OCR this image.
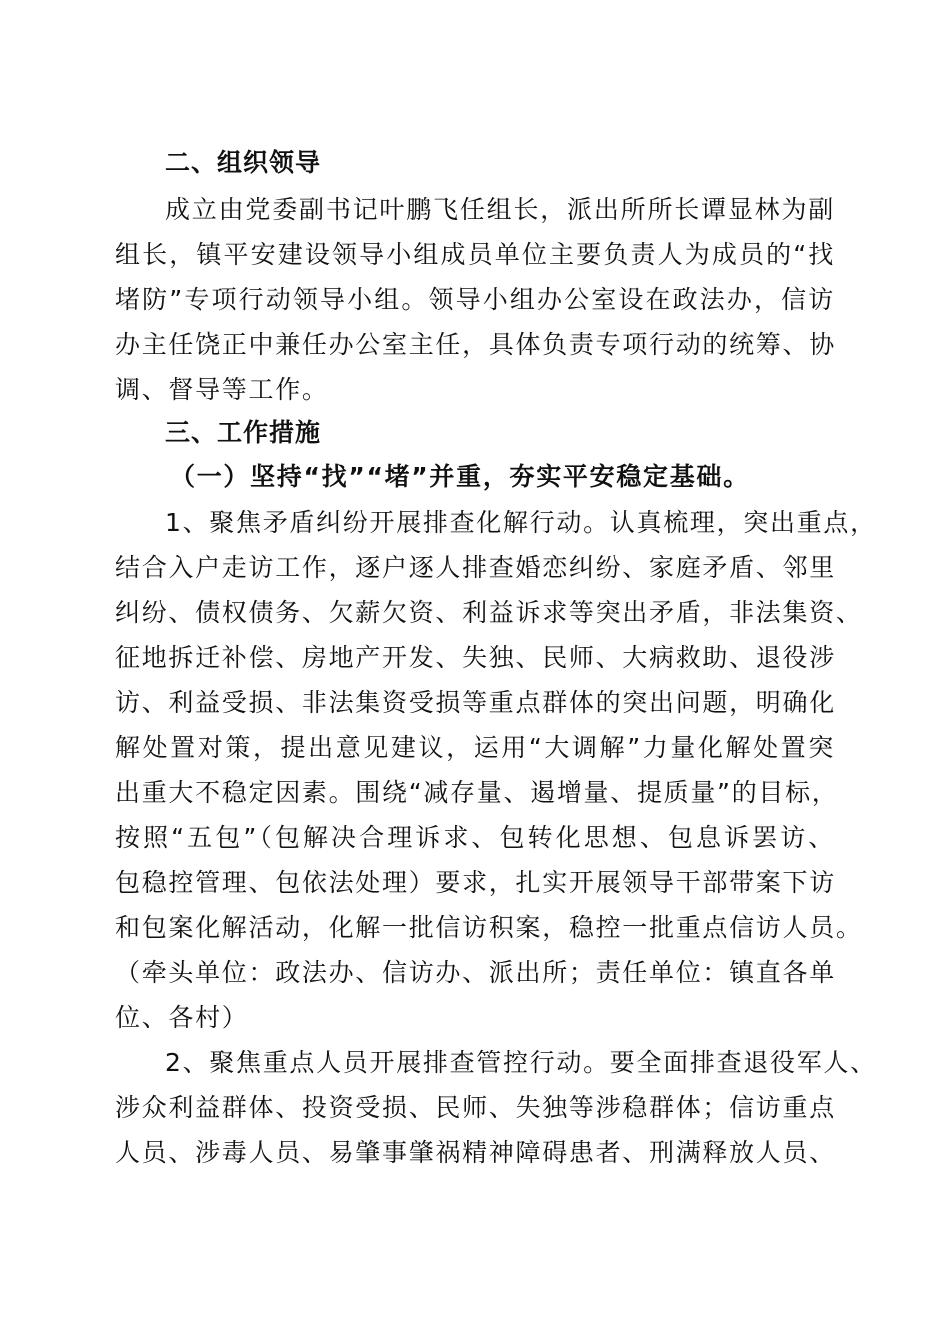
二、组织领导
成立由党委副书记叶鹏飞任组长，派出所所长谭显林为副
组长，镇平安建设领导小组成员单位主要负责人为成员的“找
堵防”专项行动领导小组。领导小组办公室设在政法办，信访
办主任饶正中兼任办公室主任，具体负责专项行动的统筹、协
调、督导等工作。
三、工作措施
（一）坚持“找”“堵”并重，夯实平安稳定基础。
1、聚焦矛盾纠纷开展排查化解行动。认真梳理，突出重点，
结合入户走访工作，逐户逐人排查婚恋纠纷、家庭矛盾、邻里
纠纷、债权债务、欠薪欠资、利益诉求等突出矛盾，非法集资、
征地拆迁补偿、房地产开发、失独、民师、大病救助、退役涉
访、利益受损、非法集资受损等重点群体的突出问题，明确化
解处置对策，提出意见建议，运用“大调解”力量化解处置突
出重大不稳定因素。围绕“减存量、遏增量、提质量”的目标，
按照“五包”（包解决合理诉求、包转化思想、包息诉罢访、
包稳控管理、包依法处理）要求，扎实开展领导干部带案下访
和包案化解活动，化解一批信访积案，稳控一批重点信访人员。
（牵头单位：政法办、信访办、派出所；责任单位：镇直各单
位、各村）
2、聚焦重点人员开展排查管控行动。要全面排查退役军人、
涉众利益群体、投资受损、民师、失独等涉稳群体；信访重点
人员、涉毒人员、易肇事肇祸精神障碍患者、刑满释放人员、
